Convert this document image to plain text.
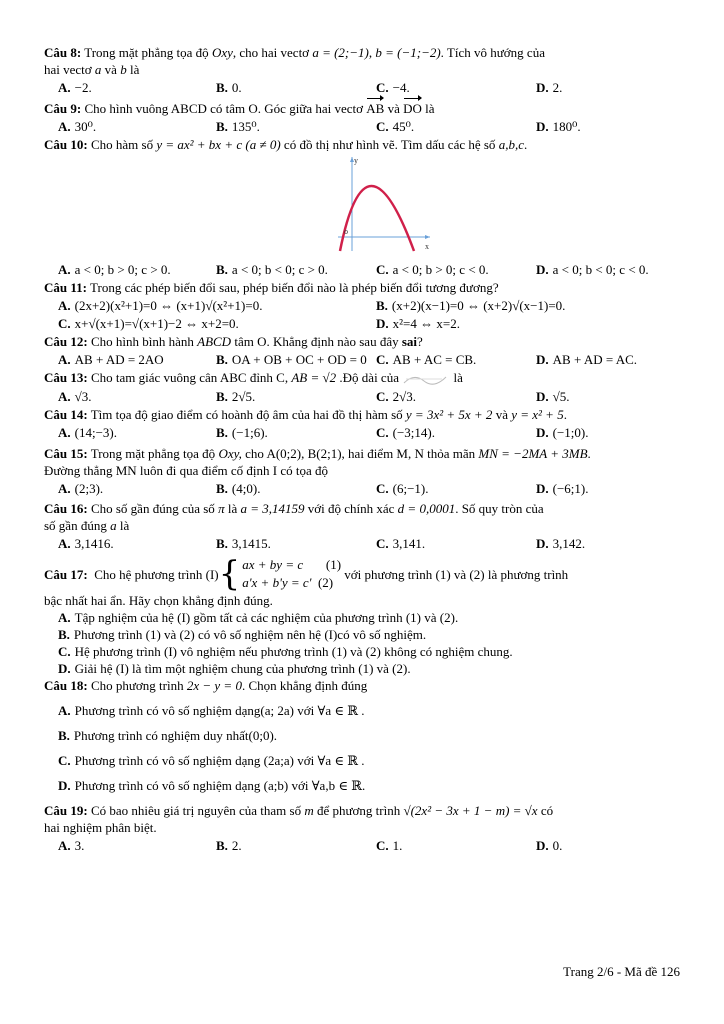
Câu 8: Trong mặt phẳng tọa độ Oxy, cho hai vectơ a = (2;−1), b = (−1;−2). Tích vô hướng của
hai vectơ a và b là
A. −2.	B. 0.	C. −4.	D. 2.
Câu 9: Cho hình vuông ABCD có tâm O. Góc giữa hai vectơ AB và DO là
A. 30⁰.	B. 135⁰.	C. 45⁰.	D. 180⁰.
Câu 10: Cho hàm số y = ax² + bx + c (a ≠ 0) có đồ thị như hình vẽ. Tìm dấu các hệ số a,b,c.
y
x
o
A. a < 0; b > 0; c > 0.	B. a < 0; b < 0; c > 0.	C. a < 0; b > 0; c < 0.	D. a < 0; b < 0; c < 0.
Câu 11: Trong các phép biến đổi sau, phép biến đổi nào là phép biến đổi tương đương?
A. (2x+2)(x²+1)=0 ⇔ (x+1)√(x²+1)=0.	B. (x+2)(x−1)=0 ⇔ (x+2)√(x−1)=0.
C. x+√(x+1)=√(x+1)−2 ⇔ x+2=0.	D. x²=4 ⇔ x=2.
Câu 12: Cho hình bình hành ABCD tâm O. Khẳng định nào sau đây sai?
A. AB + AD = 2AO	B. OA + OB + OC + OD = 0 C. AB + AC = CB.	D. AB + AD = AC.
Câu 13: Cho tam giác vuông cân ABC đỉnh C, AB = √2 .Độ dài của	là
A. √3.	B. 2√5.	C. 2√3.	D. √5.
Câu 14: Tìm tọa độ giao điểm có hoành độ âm của hai đồ thị hàm số y = 3x² + 5x + 2 và y = x² + 5.
A. (14;−3).	B. (−1;6).	C. (−3;14).	D. (−1;0).
Câu 15: Trong mặt phẳng tọa độ Oxy, cho A(0;2), B(2;1), hai điểm M, N thỏa mãn MN = −2MA + 3MB.
Đường thẳng MN luôn đi qua điểm cố định I có tọa độ
A. (2;3).	B. (4;0).	C. (6;−1).	D. (−6;1).
Câu 16: Cho số gần đúng của số π là a = 3,14159 với độ chính xác d = 0,0001. Số quy tròn của
số gần đúng a là
A. 3,1416.	B. 3,1415.	C. 3,141.	D. 3,142.
Câu 17:
Cho hệ phương trình (I) { ax + by = c (1)
a'x + b'y = c' (2)

với phương trình (1) và (2) là phương trình
bậc nhất hai ẩn. Hãy chọn khẳng định đúng.
A. Tập nghiệm của hệ (I) gồm tất cả các nghiệm của phương trình (1) và (2).
B. Phương trình (1) và (2) có vô số nghiệm nên hệ (I)có vô số nghiệm.
C. Hệ phương trình (I) vô nghiệm nếu phương trình (1) và (2) không có nghiệm chung.
D. Giải hệ (I) là tìm một nghiệm chung của phương trình (1) và (2).
Câu 18: Cho phương trình 2x − y = 0. Chọn khẳng định đúng
A. Phương trình có vô số nghiệm dạng(a; 2a) với ∀a ∈ ℝ .
B. Phương trình có nghiệm duy nhất(0;0).
C. Phương trình có vô số nghiệm dạng (2a;a) với ∀a ∈ ℝ .
D. Phương trình có vô số nghiệm dạng (a;b) với ∀a,b ∈ ℝ.
Câu 19: Có bao nhiêu giá trị nguyên của tham số m để phương trình √(2x² − 3x + 1 − m) = √x có
hai nghiệm phân biệt.
A. 3.	B. 2.	C. 1.	D. 0.
Trang 2/6 - Mã đề 126
